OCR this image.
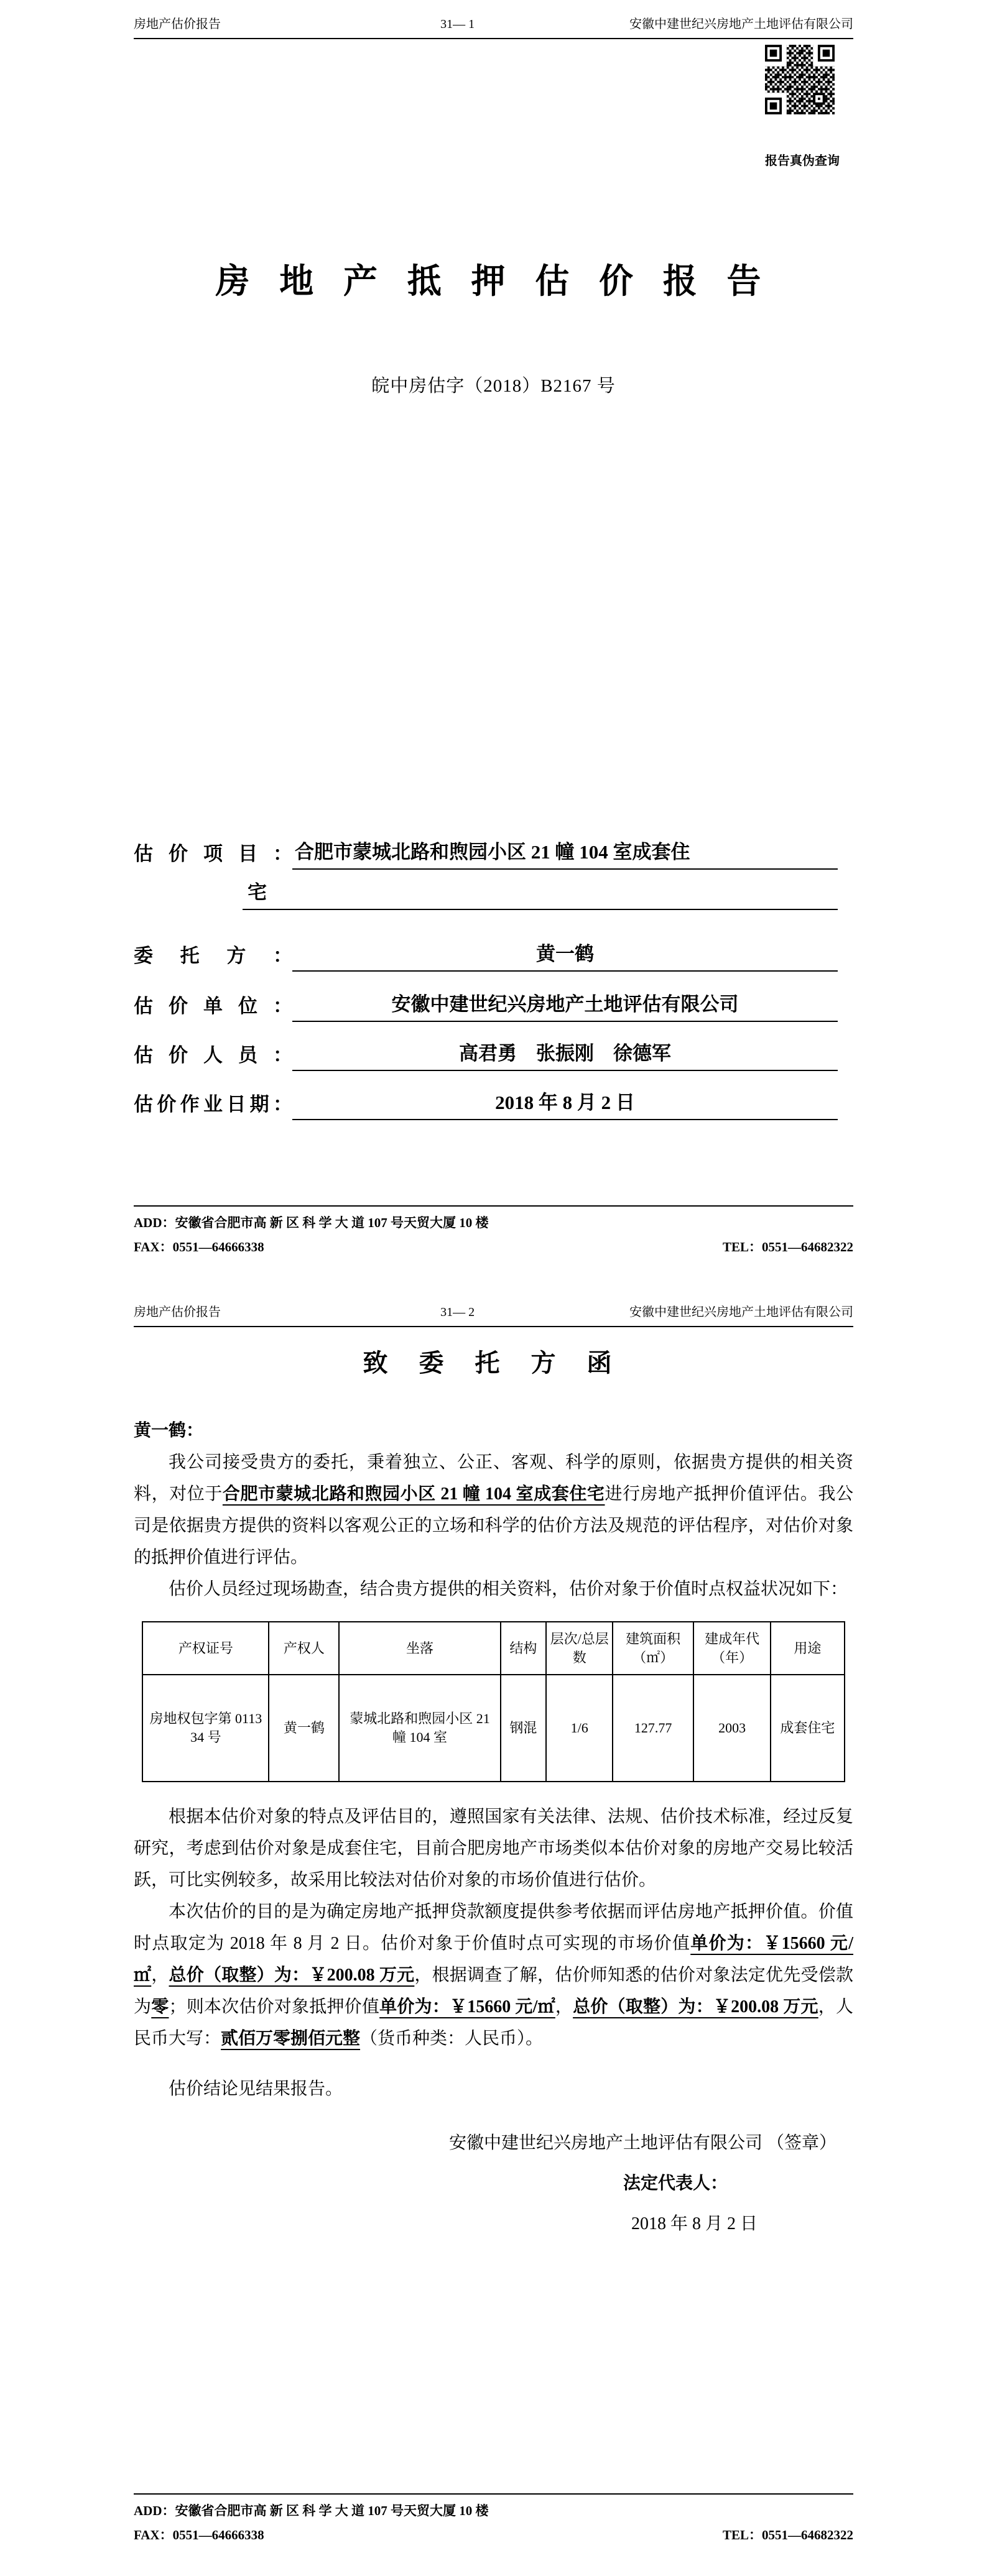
房地产估价报告	31— 1	安徽中建世纪兴房地产土地评估有限公司
报告真伪查询
房 地 产 抵 押 估 价 报 告
皖中房估字（2018）B2167 号
估 价 项 目 ： 合肥市蒙城北路和煦园小区 21 幢 104 室成套住
宅
委 托 方 ：	黄一鹤
估 价 单 位 ：	安徽中建世纪兴房地产土地评估有限公司
估 价 人 员 ：	高君勇　张振刚　徐德军
估价作业日期：	2018 年 8 月 2 日
ADD：安徽省合肥市高 新 区 科 学 大 道 107 号天贸大厦 10 楼
FAX：0551—64666338	TEL：0551—64682322
房地产估价报告	31— 2	安徽中建世纪兴房地产土地评估有限公司
致 委 托 方 函
黄一鹤：

我公司接受贵方的委托，秉着独立、公正、客观、科学的原则，依据贵方提供的相关资料，对位于合肥市蒙城北路和煦园小区 21 幢 104 室成套住宅进行房地产抵押价值评估。我公司是依据贵方提供的资料以客观公正的立场和科学的估价方法及规范的评估程序，对估价对象的抵押价值进行评估。

估价人员经过现场勘查，结合贵方提供的相关资料，估价对象于价值时点权益状况如下：

产权证号	产权人	坐落	结构	层次/总层数	建筑面积（㎡）	建成年代（年）	用途
房地权包字第 011334 号	黄一鹤	蒙城北路和煦园小区 21 幢 104 室	钢混	1/6	127.77	2003	成套住宅

根据本估价对象的特点及评估目的，遵照国家有关法律、法规、估价技术标准，经过反复研究，考虑到估价对象是成套住宅，目前合肥房地产市场类似本估价对象的房地产交易比较活跃，可比实例较多，故采用比较法对估价对象的市场价值进行估价。

本次估价的目的是为确定房地产抵押贷款额度提供参考依据而评估房地产抵押价值。价值时点取定为 2018 年 8 月 2 日。估价对象于价值时点可实现的市场价值单价为：￥15660 元/㎡，总价（取整）为：￥200.08 万元，根据调查了解，估价师知悉的估价对象法定优先受偿款为零；则本次估价对象抵押价值单价为：￥15660 元/㎡，总价（取整）为：￥200.08 万元，人民币大写：贰佰万零捌佰元整（货币种类：人民币）。

估价结论见结果报告。

安徽中建世纪兴房地产土地评估有限公司 （签章）
法定代表人：
2018 年 8 月 2 日
ADD：安徽省合肥市高 新 区 科 学 大 道 107 号天贸大厦 10 楼
FAX：0551—64666338	TEL：0551—64682322
